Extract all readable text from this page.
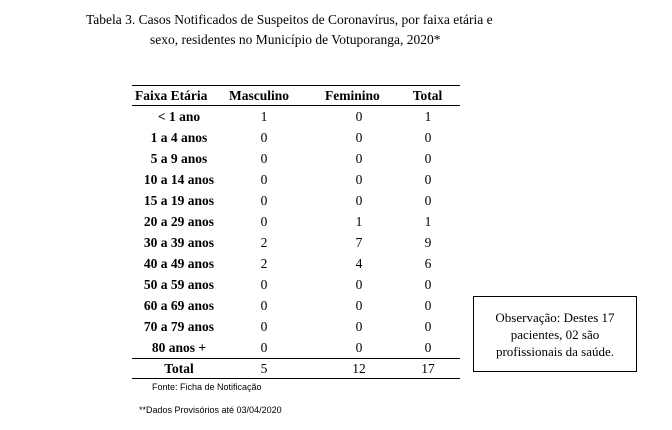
Tabela 3. Casos Notificados de Suspeitos de Coronavírus, por faixa etária e
sexo, residentes no Município de Votuporanga, 2020*
Faixa Etária	Masculino	Feminino	Total
< 1 ano	1	0	1
1 a 4 anos	0	0	0
5 a 9 anos	0	0	0
10 a 14 anos	0	0	0
15 a 19 anos	0	0	0
20 a 29 anos	0	1	1
30 a 39 anos	2	7	9
40 a 49 anos	2	4	6
50 a 59 anos	0	0	0
60 a 69 anos	0	0	0
70 a 79 anos	0	0	0
80 anos +	0	0	0
Total	5	12	17
Fonte: Ficha de Notificação
**Dados Provisórios até 03/04/2020
Observação: Destes 17 pacientes, 02 são profissionais da saúde.
